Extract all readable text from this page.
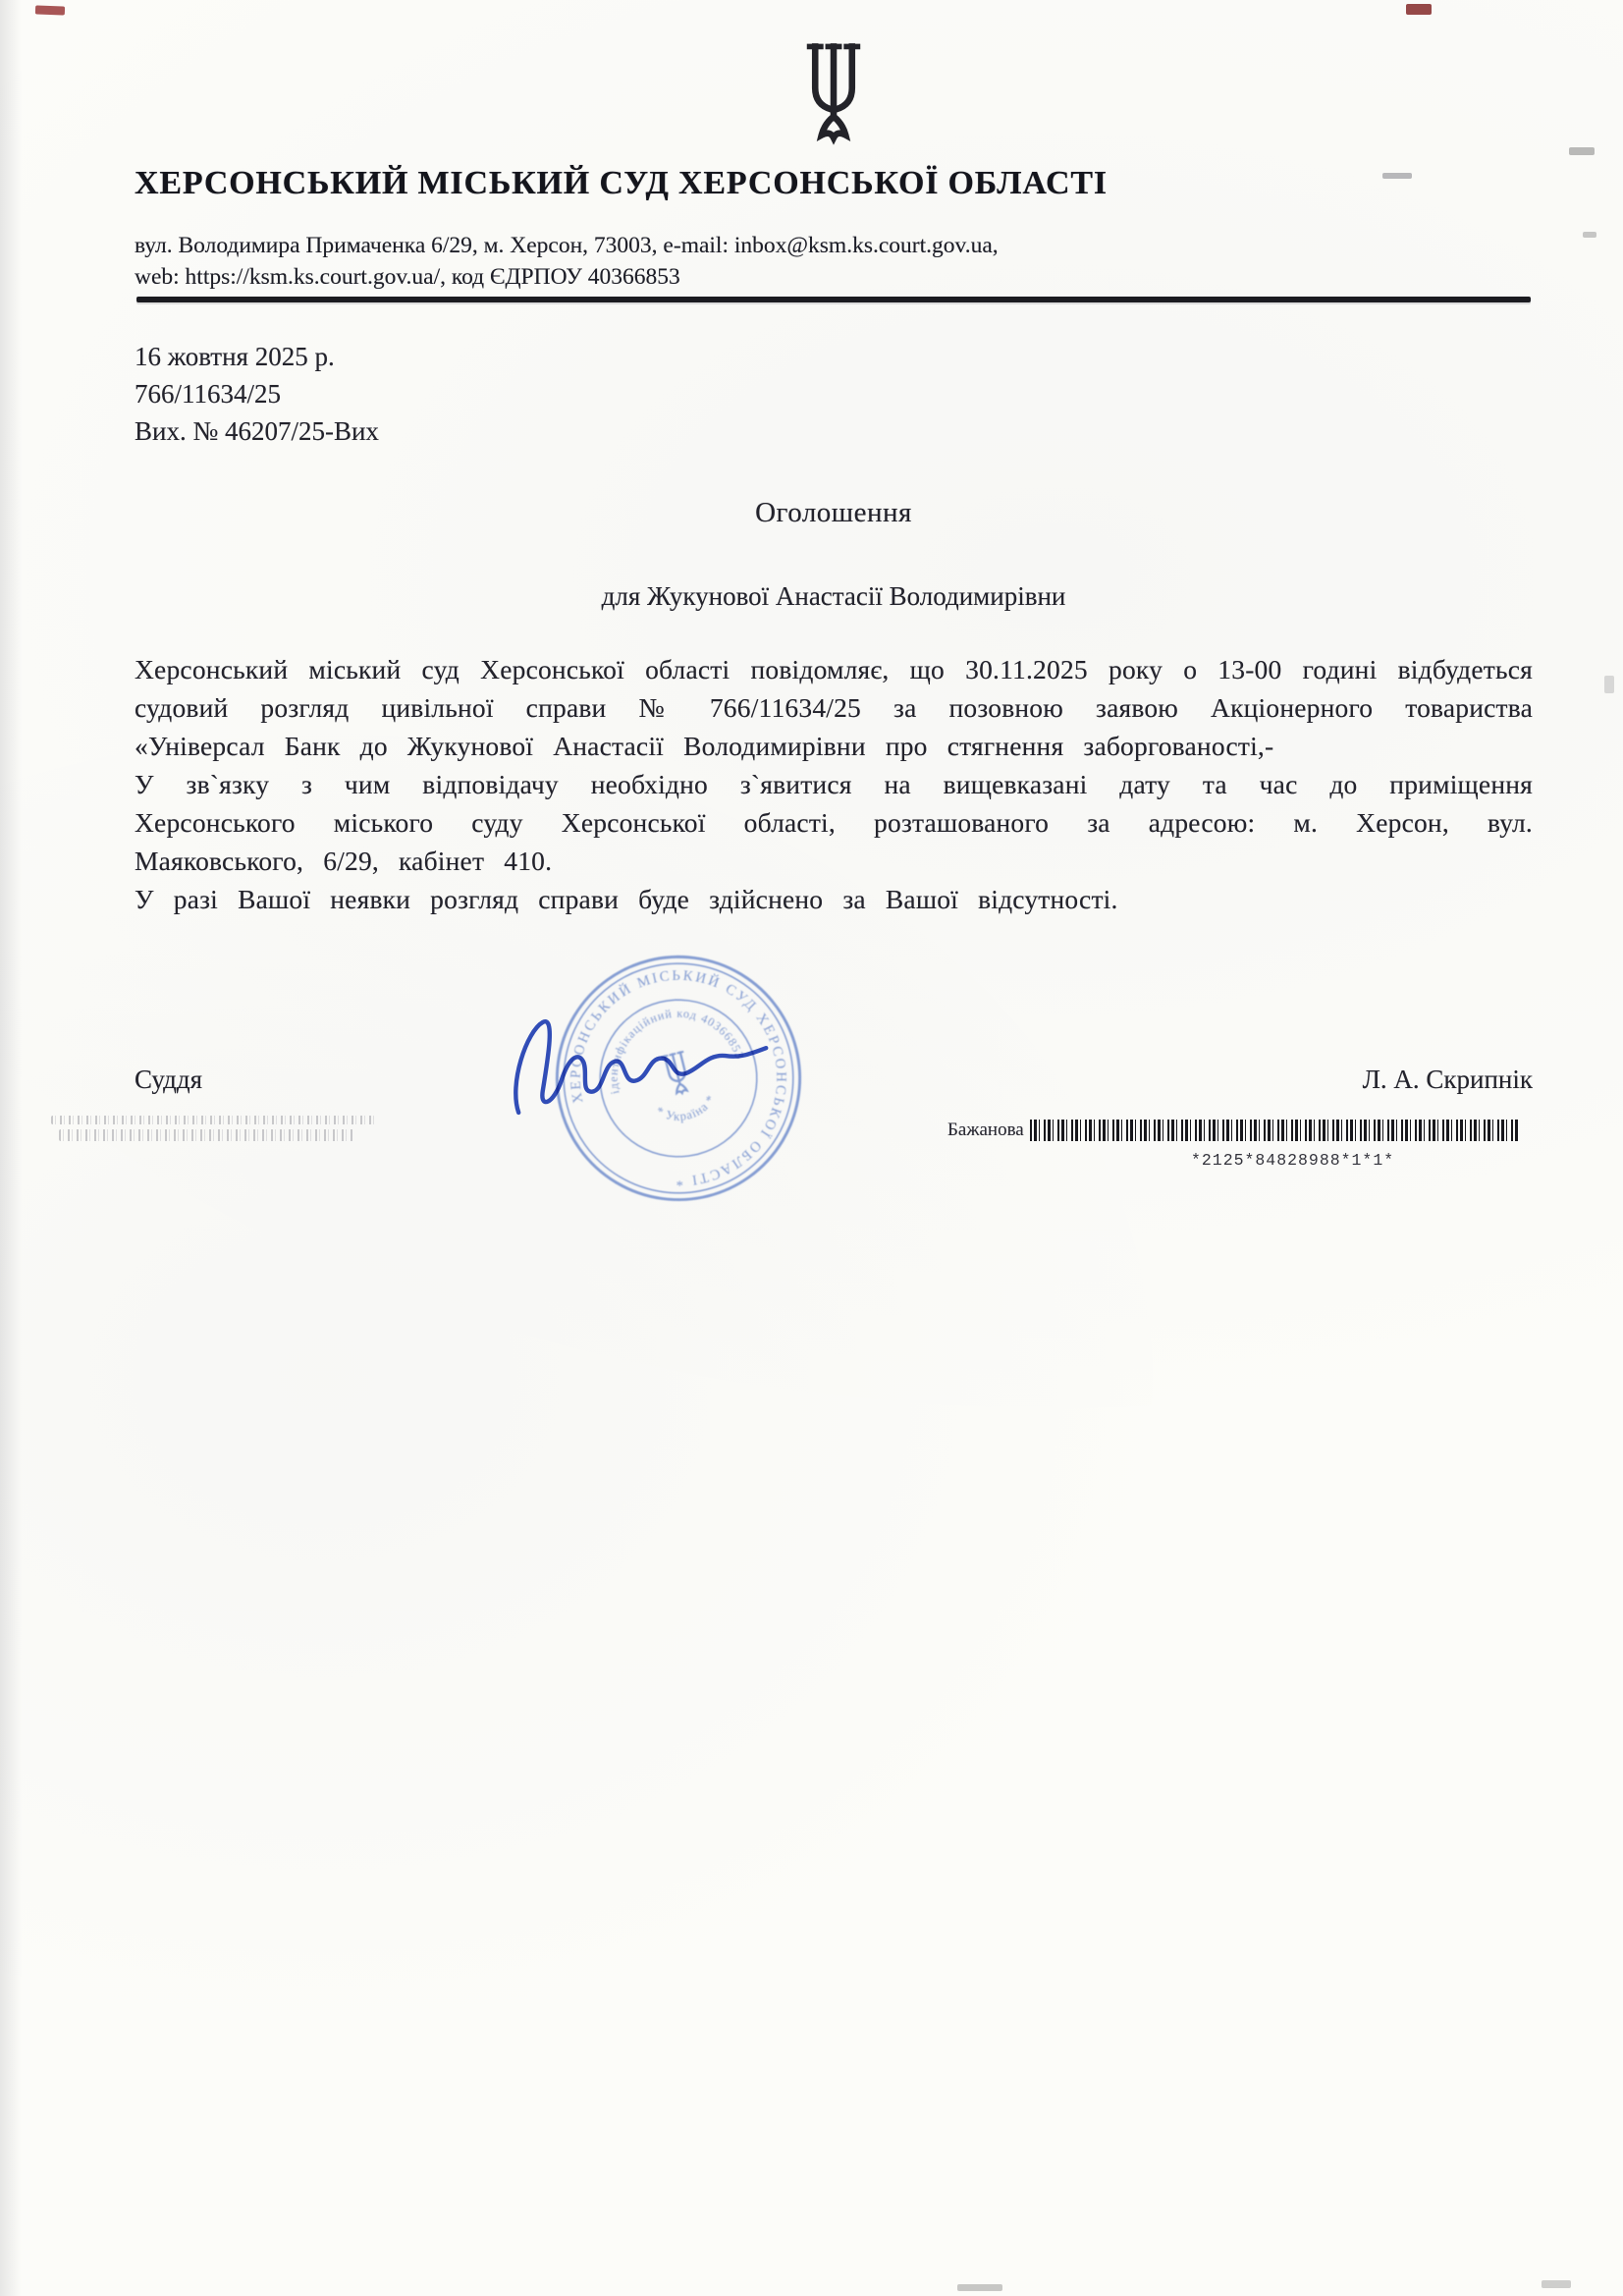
ХЕРСОНСЬКИЙ МІСЬКИЙ СУД ХЕРСОНСЬКОЇ ОБЛАСТІ
вул. Володимира Примаченка 6/29, м. Херсон, 73003, e-mail: inbox@ksm.ks.court.gov.ua,
web: https://ksm.ks.court.gov.ua/, код ЄДРПОУ 40366853
16 жовтня 2025 р.
766/11634/25
Вих. № 46207/25-Вих
Оголошення
для Жукунової Анастасії Володимирівни

Херсонський міський суд Херсонської області повідомляє, що 30.11.2025 року о 13-00 годині відбудеться судовий розгляд цивільної справи № 766/11634/25 за позовною заявою Акціонерного товариства «Універсал Банк до Жукунової Анастасії Володимирівни про стягнення заборгованості,-

У зв`язку з чим відповідачу необхідно з`явитися на вищевказані дату та час до приміщення Херсонського міського суду Херсонської області, розташованого за адресою: м. Херсон, вул. Маяковського, 6/29, кабінет 410.

У разі Вашої неявки розгляд справи буде здійснено за Вашої відсутності.

Суддя	Л. А. Скрипнік
ХЕРСОНСЬКИЙ МІСЬКИЙ СУД ХЕРСОНСЬКОЇ ОБЛАСТІ *
ідентифікаційний код 40366853
* Україна *
Бажанова
*2125*84828988*1*1*
